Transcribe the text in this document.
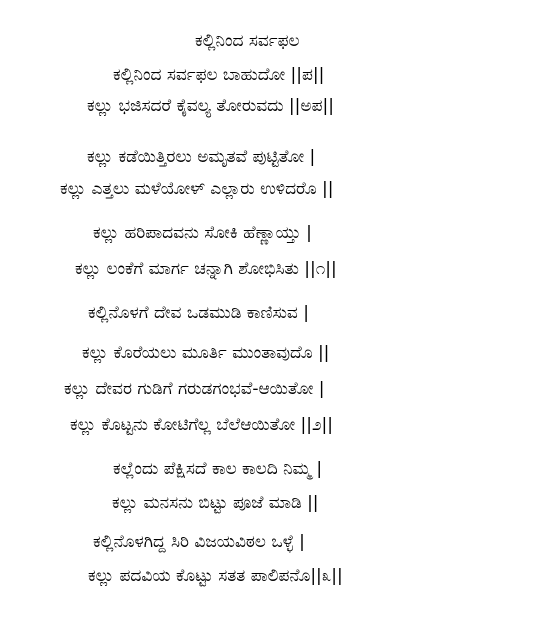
ಕಲ್ಲಿನಿಂದ ಸರ್ವಫಲ
ಕಲ್ಲಿನಿಂದ ಸರ್ವಫಲ ಬಾಹುದೋ ||ಪ||
ಕಲ್ಲು ಭಜಿಸದರೆ ಕೈವಲ್ಯ ತೋರುವದು ||ಅಪ||
ಕಲ್ಲು ಕಡೆಯಿತ್ತಿರಲು ಅಮೃತವೆ ಪುಟ್ಟಿತೋ |
ಕಲ್ಲು ಎತ್ತಲು ಮಳೆಯೋಳ್ ಎಲ್ಲಾರು ಉಳಿದರೊ ||
ಕಲ್ಲು ಹರಿಪಾದವನು ಸೋಕಿ ಹೆಣ್ಣಾಯ್ತು |
ಕಲ್ಲು ಲಂಕೆಗೆ ಮಾರ್ಗ ಚನ್ನಾಗಿ ಶೋಭಿಸಿತು ||೧||
ಕಲ್ಲಿನೊಳಗೆ ದೇವ ಒಡಮುಡಿ ಕಾಣಿಸುವ |
ಕಲ್ಲು ಕೊರೆಯಲು ಮೂರ್ತಿ ಮುಂತಾವುದೊ ||
ಕಲ್ಲು ದೇವರ ಗುಡಿಗೆ ಗರುಡಗಂಭವೆ-ಆಯಿತೋ |
ಕಲ್ಲು ಕೊಟ್ಟನು ಕೋಟಿಗೆಲ್ಲ ಬೆಲೆಆಯಿತೋ ||೨||
ಕಲ್ಲೆಂದು ಪೆಕ್ಷಿಸದೆ ಕಾಲ ಕಾಲದಿ ನಿಮ್ಮ |
ಕಲ್ಲು ಮನಸನು ಬಿಟ್ಟು ಪೂಜೆ ಮಾಡಿ ||
ಕಲ್ಲಿನೊಳಗಿದ್ದ ಸಿರಿ ವಿಜಯವಿಠಲ ಒಳ್ಳೆ |
ಕಲ್ಲು ಪದವಿಯ ಕೊಟ್ಟು ಸತತ ಪಾಲಿಪನೊ||೩||
